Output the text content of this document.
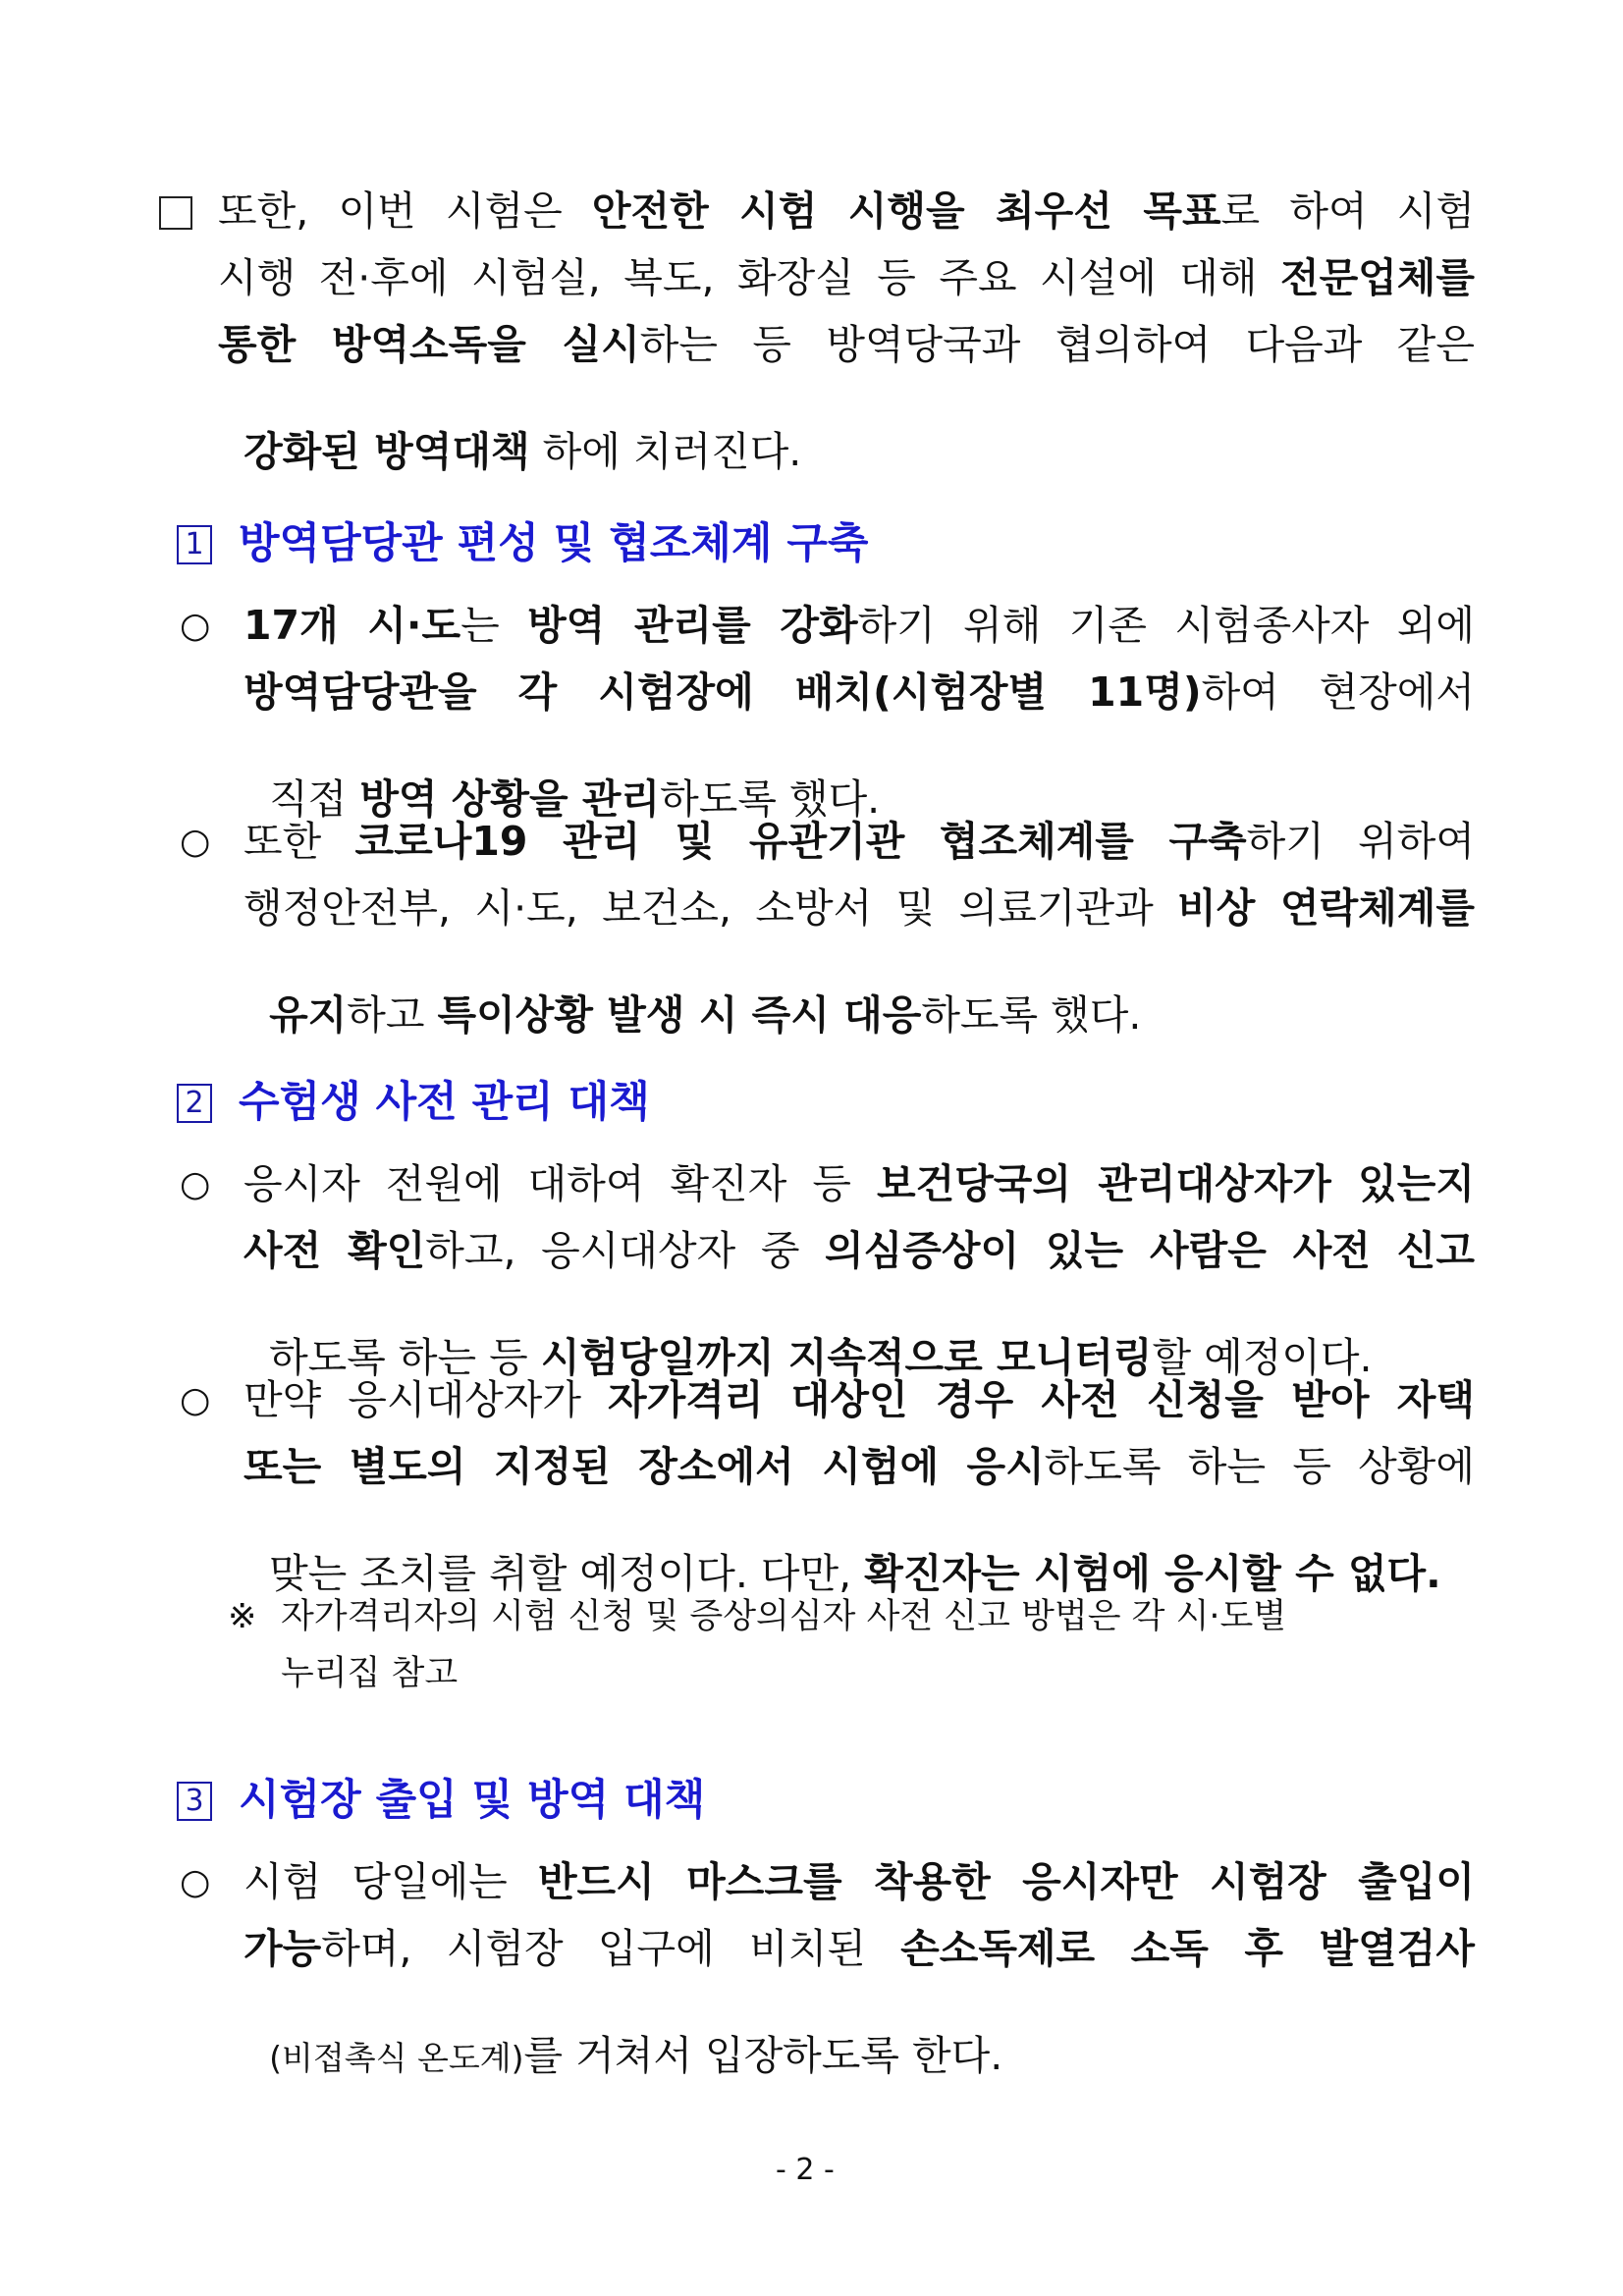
또한, 이번 시험은 안전한 시험 시행을 최우선 목표로 하여 시험
시행 전·후에 시험실, 복도, 화장실 등 주요 시설에 대해 전문업체를
통한 방역소독을 실시하는 등 방역당국과 협의하여 다음과 같은

강화된 방역대책 하에 치러진다.

1 방역담당관 편성 및 협조체계 구축
○ 17개 시·도는 방역 관리를 강화하기 위해 기존 시험종사자 외에
방역담당관을 각 시험장에 배치(시험장별 11명)하여 현장에서

직접 방역 상황을 관리하도록 했다.

○ 또한 코로나19 관리 및 유관기관 협조체계를 구축하기 위하여
행정안전부, 시·도, 보건소, 소방서 및 의료기관과 비상 연락체계를

유지하고 특이상황 발생 시 즉시 대응하도록 했다.

2 수험생 사전 관리 대책
○ 응시자 전원에 대하여 확진자 등 보건당국의 관리대상자가 있는지
사전 확인하고, 응시대상자 중 의심증상이 있는 사람은 사전 신고

하도록 하는 등 시험당일까지 지속적으로 모니터링할 예정이다.

○ 만약 응시대상자가 자가격리 대상인 경우 사전 신청을 받아 자택
또는 별도의 지정된 장소에서 시험에 응시하도록 하는 등 상황에

맞는 조치를 취할 예정이다. 다만, 확진자는 시험에 응시할 수 없다.

※ 자가격리자의 시험 신청 및 증상의심자 사전 신고 방법은 각 시·도별
누리집 참고
3 시험장 출입 및 방역 대책
○ 시험 당일에는 반드시 마스크를 착용한 응시자만 시험장 출입이
가능하며, 시험장 입구에 비치된 손소독제로 소독 후 발열검사

(비접촉식 온도계)를 거쳐서 입장하도록 한다.

- 2 -
